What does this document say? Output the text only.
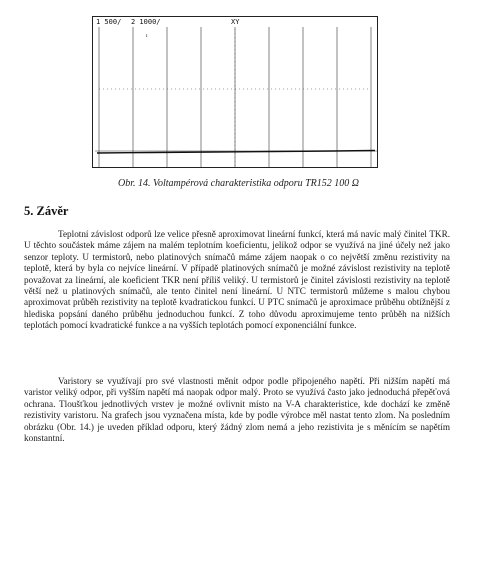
1 500/ 2 1000/	XY
↕
Obr. 14. Voltampérová charakteristika odporu TR152 100 Ω
5. Závěr

Teplotní závislost odporů lze velice přesně aproximovat lineární funkcí, která má navíc malý činitel TKR. U těchto součástek máme zájem na malém teplotním koeficientu, jelikož odpor se využívá na jiné účely než jako senzor teploty. U termistorů, nebo platinových snímačů máme zájem naopak o co největší změnu rezistivity na teplotě, která by byla co nejvíce lineární. V případě platinových snímačů je možné závislost rezistivity na teplotě považovat za lineární, ale koeficient TKR není příliš veliký. U termistorů je činitel závislosti rezistivity na teplotě větší než u platinových snímačů, ale tento činitel není lineární. U NTC termistorů můžeme s malou chybou aproximovat průběh rezistivity na teplotě kvadratickou funkcí. U PTC snímačů je aproximace průběhu obtížnější z hlediska popsání daného průběhu jednoduchou funkcí. Z toho důvodu aproximujeme tento průběh na nižších teplotách pomocí kvadratické funkce a na vyšších teplotách pomocí exponenciální funkce.

Varistory se využívají pro své vlastnosti měnit odpor podle připojeného napětí. Při nižším napětí má varistor veliký odpor, při vyšším napětí má naopak odpor malý. Proto se využívá často jako jednoduchá přepěťová ochrana. Tloušťkou jednotlivých vrstev je možné ovlivnit místo na V-A charakteristice, kde dochází ke změně rezistivity varistoru. Na grafech jsou vyznačena místa, kde by podle výrobce měl nastat tento zlom. Na posledním obrázku (Obr. 14.) je uveden příklad odporu, který žádný zlom nemá a jeho rezistivita je s měnícím se napětím konstantní.
